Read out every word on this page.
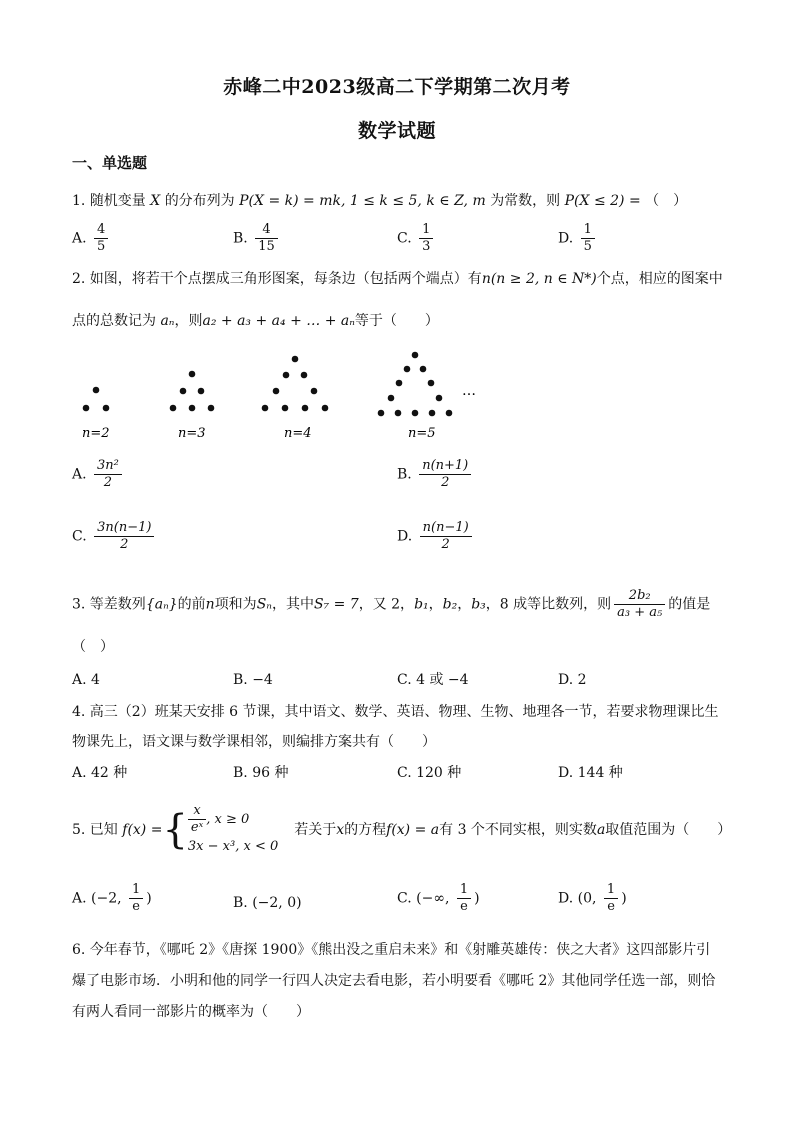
赤峰二中2023级高二下学期第二次月考
数学试题
一、单选题
1. 随机变量 X 的分布列为 P(X = k) = mk, 1 ≤ k ≤ 5, k ∈ Z, m 为常数，则 P(X ≤ 2) = （　）
A. $\frac{4}{5}$	B. $\frac{4}{15}$	C. $\frac{1}{3}$	D. $\frac{1}{5}$
2. 如图，将若干个点摆成三角形图案，每条边（包括两个端点）有n(n ≥ 2, n ∈ N*)个点，相应的图案中
点的总数记为 aₙ，则a₂ + a₃ + a₄ + … + aₙ等于（　　）
n=2	n=3	n=4	n=5
…
A. $\frac{\text{3n²}}{2}$	B. $\frac{n(n+1)}{2}$
C. $\frac{3n(n-1)}{2}$	D. $\frac{n(n-1)}{2}$
3. 等差数列{aₙ}的前n项和为Sₙ，其中S₇ = 7，又 2，b₁，b₂，b₃，8 成等比数列，则 $\frac{\text{2b₂}}{\text{a₃ + a₅}}$ 的值是
（　）
A. 4	B. −4	C. 4 或 −4	D. 2
4. 高三（2）班某天安排 6 节课，其中语文、数学、英语、物理、生物、地理各一节，若要求物理课比生
物课先上，语文课与数学课相邻，则编排方案共有（　　）
A. 42 种	B. 96 种	C. 120 种	D. 144 种
5. 已知 f(x) ={ $\frac{x}{\text{eˣ}}$ , x ≥ 0
3x − x³, x < 0
若关于x的方程f(x) = a有 3 个不同实根，则实数a取值范围为（　　）
A. (−2, $\frac{1}{e}$ )	B. (−2, 0)	C. (−∞, $\frac{1}{e}$ )	D. (0, $\frac{1}{e}$ )
6. 今年春节，《哪吒 2》《唐探 1900》《熊出没之重启未来》和《射雕英雄传：侠之大者》这四部影片引
爆了电影市场．小明和他的同学一行四人决定去看电影，若小明要看《哪吒 2》其他同学任选一部，则恰
有两人看同一部影片的概率为（　　）
